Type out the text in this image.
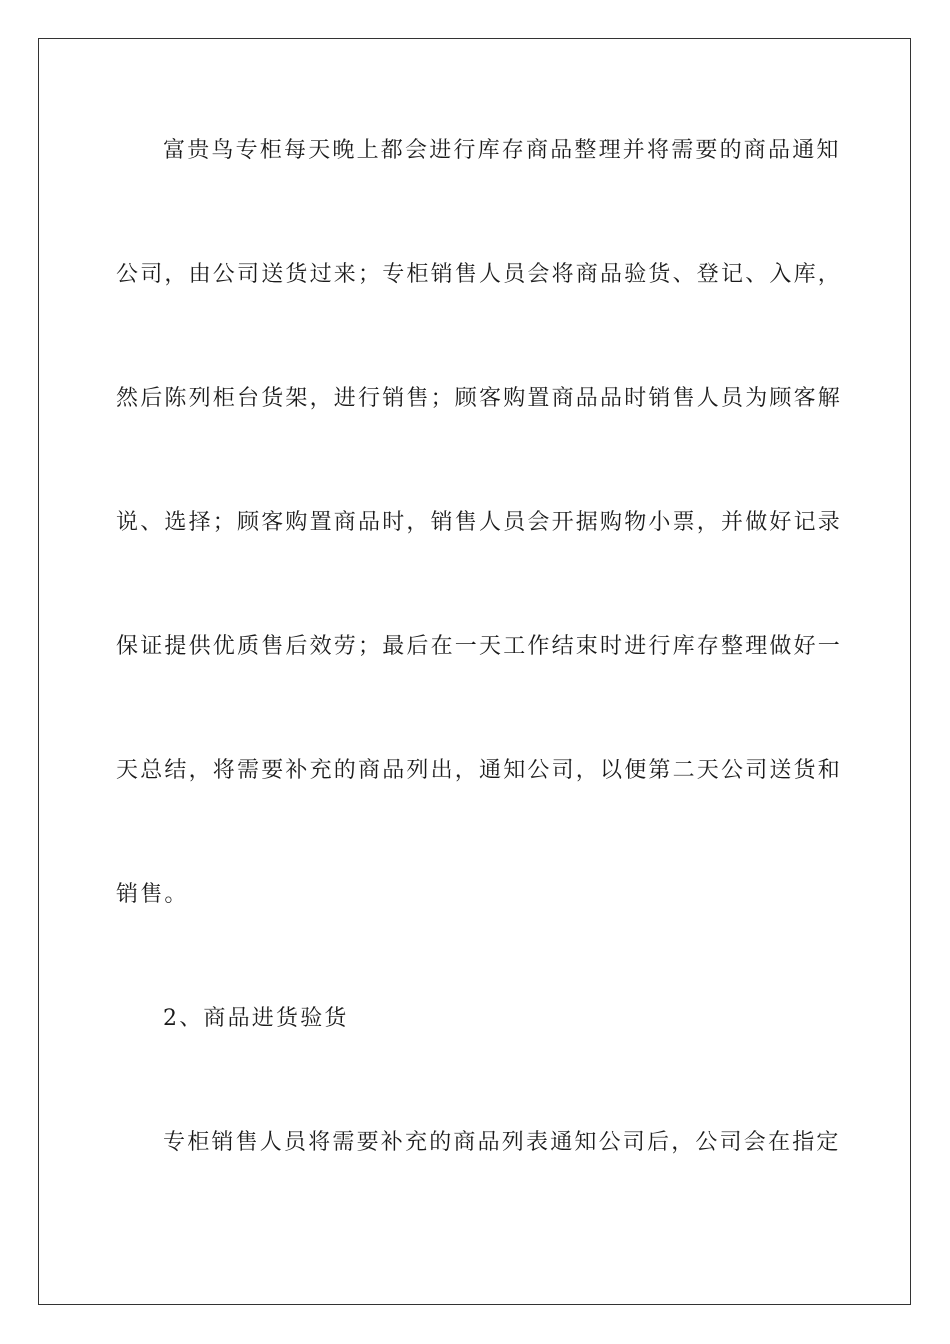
富贵鸟专柜每天晚上都会进行库存商品整理并将需要的商品通知
公司，由公司送货过来；专柜销售人员会将商品验货、登记、入库，
然后陈列柜台货架，进行销售；顾客购置商品品时销售人员为顾客解
说、选择；顾客购置商品时，销售人员会开据购物小票，并做好记录
保证提供优质售后效劳；最后在一天工作结束时进行库存整理做好一
天总结，将需要补充的商品列出，通知公司，以便第二天公司送货和
销售。
2、商品进货验货
专柜销售人员将需要补充的商品列表通知公司后，公司会在指定
